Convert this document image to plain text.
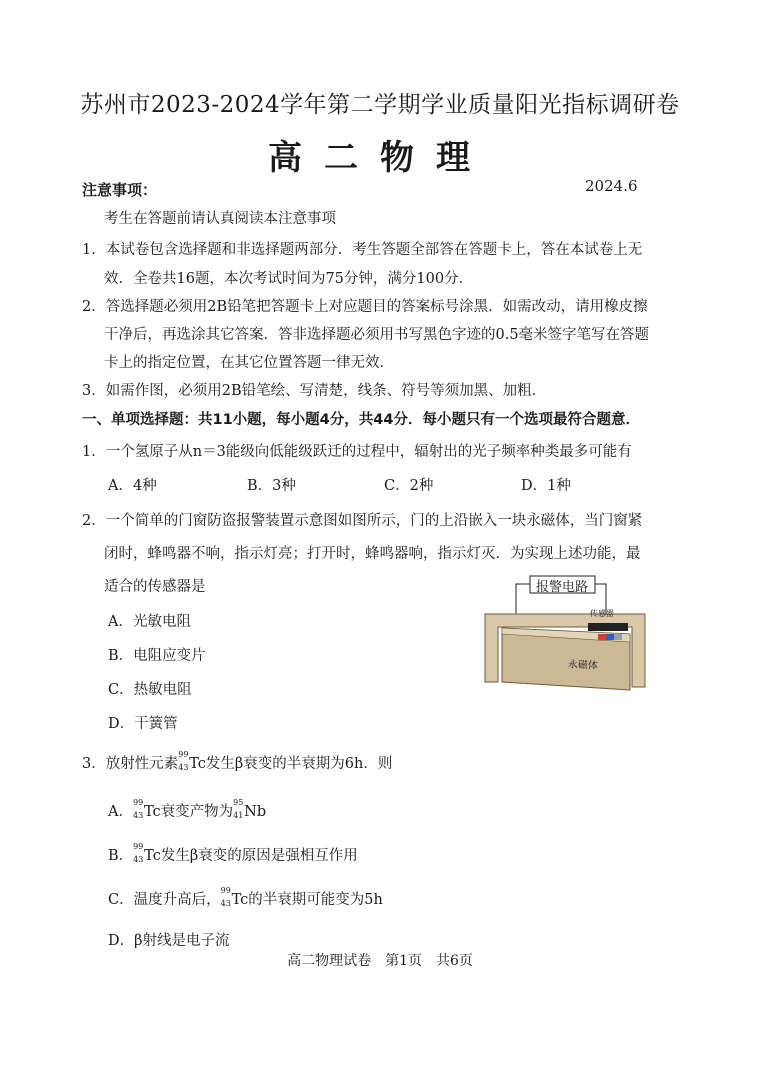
苏州市2023-2024学年第二学期学业质量阳光指标调研卷
高二物理
注意事项：	2024.6
考生在答题前请认真阅读本注意事项
1．本试卷包含选择题和非选择题两部分．考生答题全部答在答题卡上，答在本试卷上无
效．全卷共16题，本次考试时间为75分钟，满分100分．
2．答选择题必须用2B铅笔把答题卡上对应题目的答案标号涂黑．如需改动，请用橡皮擦
干净后，再选涂其它答案．答非选择题必须用书写黑色字迹的0.5毫米签字笔写在答题
卡上的指定位置，在其它位置答题一律无效．
3．如需作图，必须用2B铅笔绘、写清楚，线条、符号等须加黑、加粗．
一、单项选择题：共11小题，每小题4分，共44分．每小题只有一个选项最符合题意．
1．一个氢原子从n＝3能级向低能级跃迁的过程中，辐射出的光子频率种类最多可能有
A．4种	B．3种	C．2种	D．1种
2．一个简单的门窗防盗报警装置示意图如图所示，门的上沿嵌入一块永磁体，当门窗紧
闭时，蜂鸣器不响，指示灯亮；打开时，蜂鸣器响，指示灯灭．为实现上述功能，最
适合的传感器是
A．光敏电阻
B．电阻应变片
C．热敏电阻
D．干簧管
报警电路
传感器
永磁体
3．放射性元素
99
43 Tc发生β衰变的半衰期为6h．则
A．
99
43 Tc衰变产物为
95
41 Nb
B．
99
43 Tc发生β衰变的原因是强相互作用
C．温度升高后，
99
43 Tc的半衰期可能变为5h
D．β射线是电子流
高二物理试卷　第1页　共6页
